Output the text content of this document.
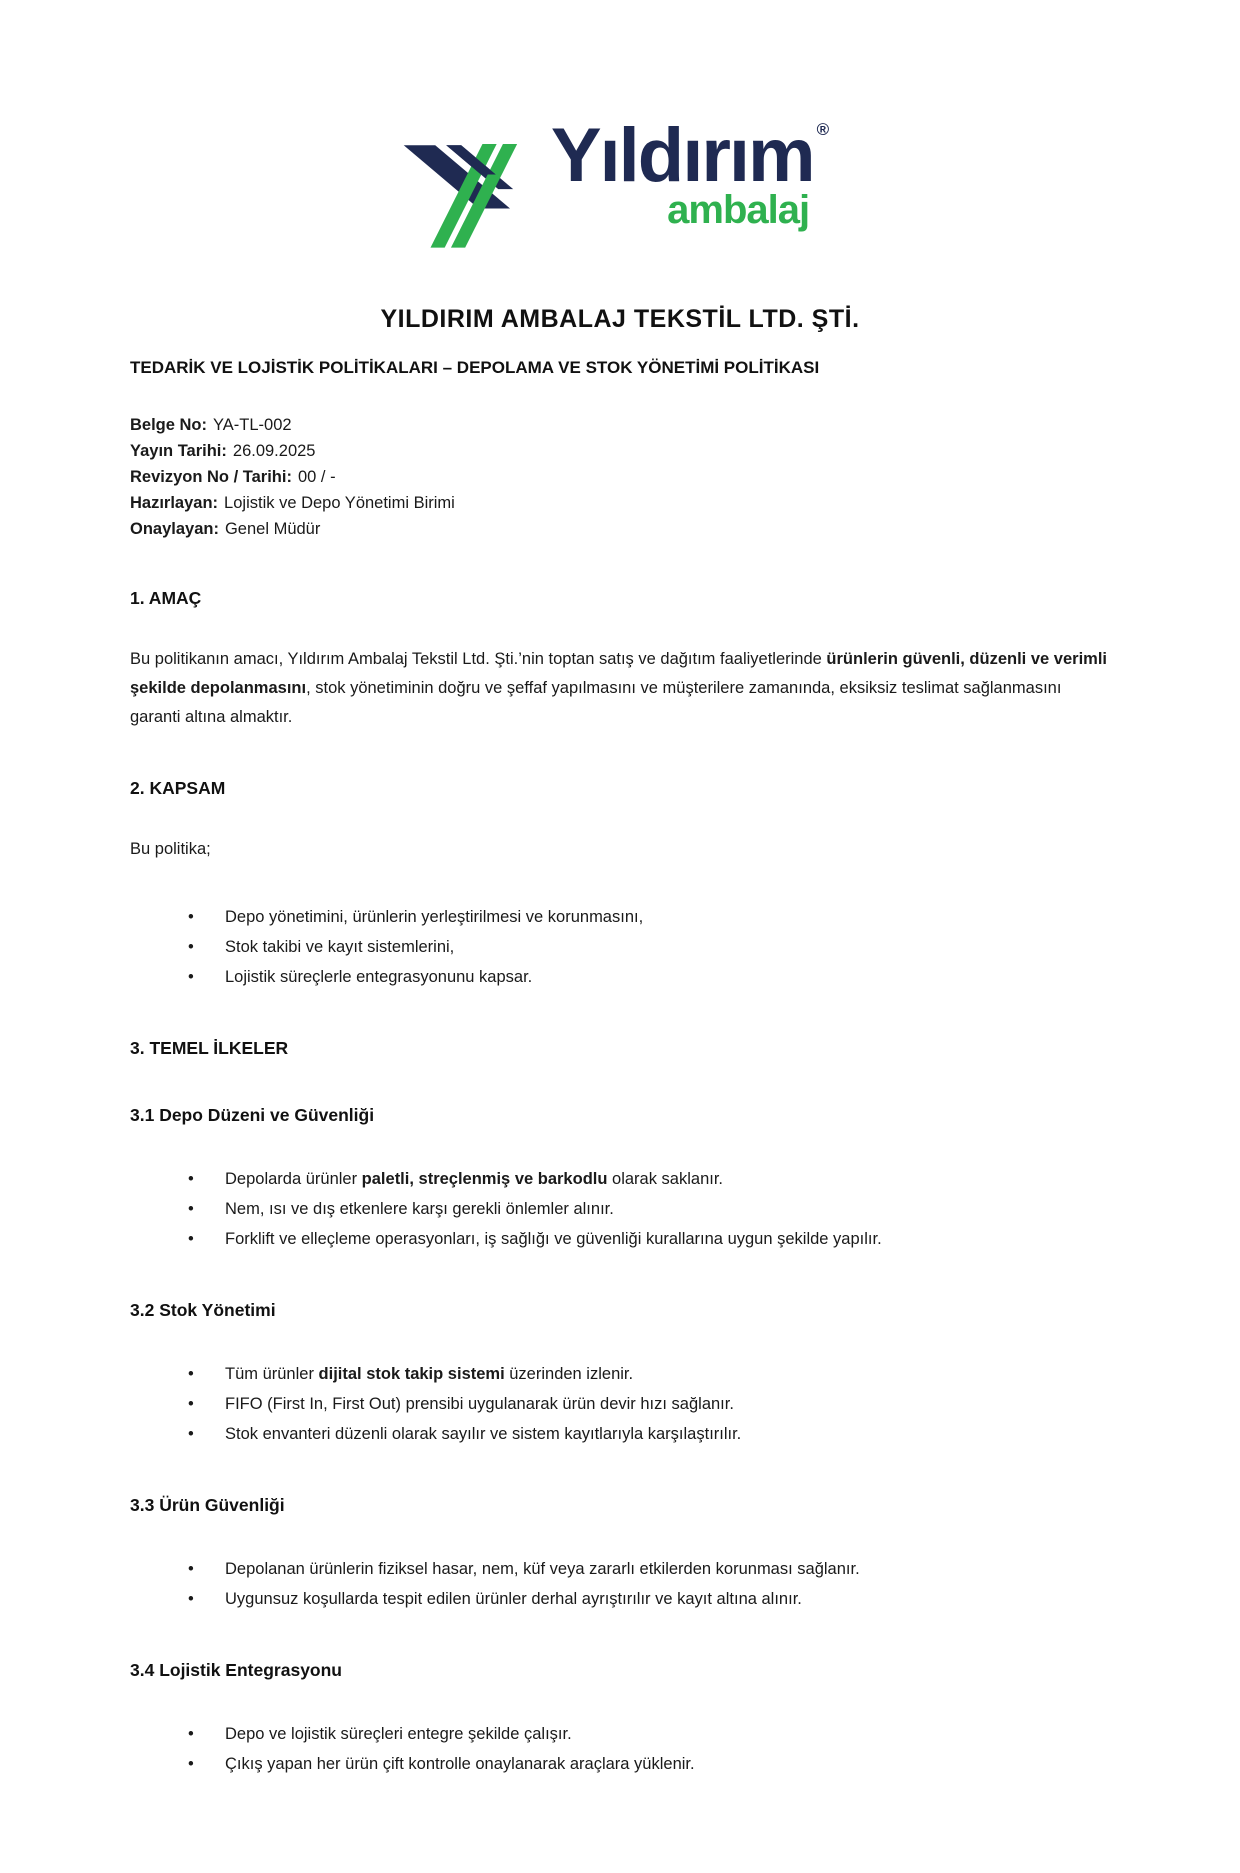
Yıldırım ®
ambalaj
YILDIRIM AMBALAJ TEKSTİL LTD. ŞTİ.
TEDARİK VE LOJİSTİK POLİTİKALARI – DEPOLAMA VE STOK YÖNETİMİ POLİTİKASI
Belge No: YA-TL-002
Yayın Tarihi: 26.09.2025
Revizyon No / Tarihi: 00 / -
Hazırlayan: Lojistik ve Depo Yönetimi Birimi
Onaylayan: Genel Müdür
1. AMAÇ

Bu politikanın amacı, Yıldırım Ambalaj Tekstil Ltd. Şti.’nin toptan satış ve dağıtım faaliyetlerinde ürünlerin güvenli, düzenli ve verimli şekilde depolanmasını, stok yönetiminin doğru ve şeffaf yapılmasını ve müşterilere zamanında, eksiksiz teslimat sağlanmasını garanti altına almaktır.

2. KAPSAM

Bu politika;

• Depo yönetimini, ürünlerin yerleştirilmesi ve korunmasını,
• Stok takibi ve kayıt sistemlerini,
• Lojistik süreçlerle entegrasyonunu kapsar.
3. TEMEL İLKELER
3.1 Depo Düzeni ve Güvenliği
• Depolarda ürünler paletli, streçlenmiş ve barkodlu olarak saklanır.
• Nem, ısı ve dış etkenlere karşı gerekli önlemler alınır.
• Forklift ve elleçleme operasyonları, iş sağlığı ve güvenliği kurallarına uygun şekilde yapılır.
3.2 Stok Yönetimi
• Tüm ürünler dijital stok takip sistemi üzerinden izlenir.
• FIFO (First In, First Out) prensibi uygulanarak ürün devir hızı sağlanır.
• Stok envanteri düzenli olarak sayılır ve sistem kayıtlarıyla karşılaştırılır.
3.3 Ürün Güvenliği
• Depolanan ürünlerin fiziksel hasar, nem, küf veya zararlı etkilerden korunması sağlanır.
• Uygunsuz koşullarda tespit edilen ürünler derhal ayrıştırılır ve kayıt altına alınır.
3.4 Lojistik Entegrasyonu
• Depo ve lojistik süreçleri entegre şekilde çalışır.
• Çıkış yapan her ürün çift kontrolle onaylanarak araçlara yüklenir.
